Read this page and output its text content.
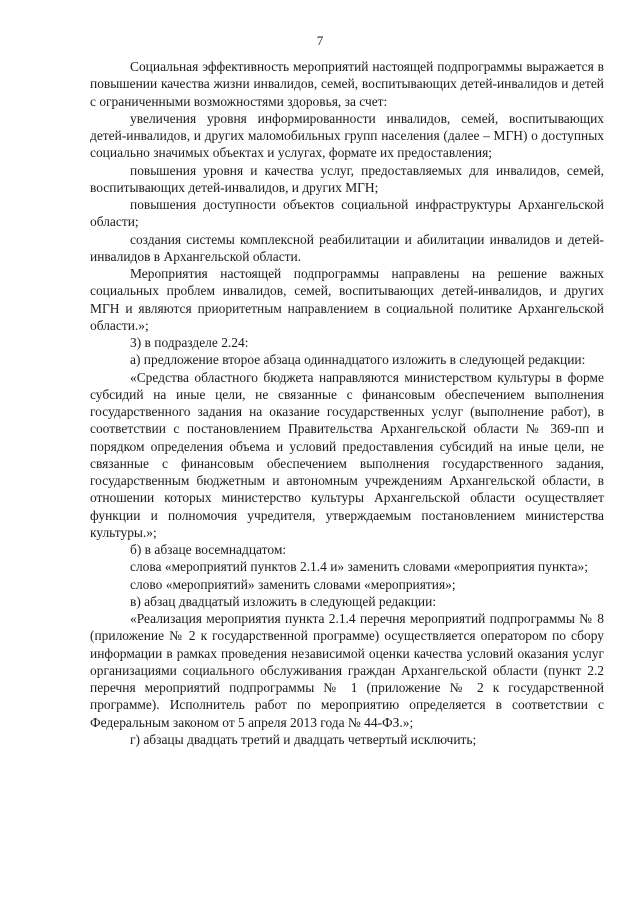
7

Социальная эффективность мероприятий настоящей подпрограммы выражается в повышении качества жизни инвалидов, семей, воспитывающих детей-инвалидов и детей с ограниченными возможностями здоровья, за счет:

увеличения уровня информированности инвалидов, семей, воспитывающих детей-инвалидов, и других маломобильных групп населения (далее – МГН) о доступных социально значимых объектах и услугах, формате их предоставления;

повышения уровня и качества услуг, предоставляемых для инвалидов, семей, воспитывающих детей-инвалидов, и других МГН;

повышения доступности объектов социальной инфраструктуры Архангельской области;

создания системы комплексной реабилитации и абилитации инвалидов и детей-инвалидов в Архангельской области.

Мероприятия настоящей подпрограммы направлены на решение важных социальных проблем инвалидов, семей, воспитывающих детей-инвалидов, и других МГН и являются приоритетным направлением в социальной политике Архангельской области.»;

3) в подразделе 2.24:

а) предложение второе абзаца одиннадцатого изложить в следующей редакции:

«Средства областного бюджета направляются министерством культуры в форме субсидий на иные цели, не связанные с финансовым обеспечением выполнения государственного задания на оказание государственных услуг (выполнение работ), в соответствии с постановлением Правительства Архангельской области № 369-пп и порядком определения объема и условий предоставления субсидий на иные цели, не связанные с финансовым обеспечением выполнения государственного задания, государственным бюджетным и автономным учреждениям Архангельской области, в отношении которых министерство культуры Архангельской области осуществляет функции и полномочия учредителя, утверждаемым постановлением министерства культуры.»;

б) в абзаце восемнадцатом:

слова «мероприятий пунктов 2.1.4 и» заменить словами «мероприятия пункта»;

слово «мероприятий» заменить словами «мероприятия»;

в) абзац двадцатый изложить в следующей редакции:

«Реализация мероприятия пункта 2.1.4 перечня мероприятий подпрограммы № 8 (приложение № 2 к государственной программе) осуществляется оператором по сбору информации в рамках проведения независимой оценки качества условий оказания услуг организациями социального обслуживания граждан Архангельской области (пункт 2.2 перечня мероприятий подпрограммы № 1 (приложение № 2 к государственной программе). Исполнитель работ по мероприятию определяется в соответствии с Федеральным законом от 5 апреля 2013 года № 44-ФЗ.»;

г) абзацы двадцать третий и двадцать четвертый исключить;
